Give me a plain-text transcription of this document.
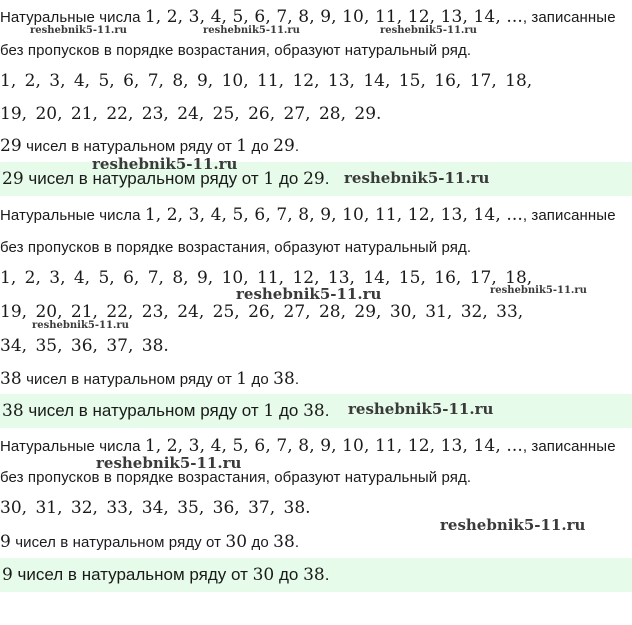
Натуральные числа 1, 2, 3, 4, 5, 6, 7, 8, 9, 10, 11, 12, 13, 14, ..., записанные
без пропусков в порядке возрастания, образуют натуральный ряд.
1, 2, 3, 4, 5, 6, 7, 8, 9, 10, 11, 12, 13, 14, 15, 16, 17, 18,
19, 20, 21, 22, 23, 24, 25, 26, 27, 28, 29.
29 чисел в натуральном ряду от 1 до 29.
29 чисел в натуральном ряду от 1 до 29.
Натуральные числа 1, 2, 3, 4, 5, 6, 7, 8, 9, 10, 11, 12, 13, 14, ..., записанные
без пропусков в порядке возрастания, образуют натуральный ряд.
1, 2, 3, 4, 5, 6, 7, 8, 9, 10, 11, 12, 13, 14, 15, 16, 17, 18,
19, 20, 21, 22, 23, 24, 25, 26, 27, 28, 29, 30, 31, 32, 33,
34, 35, 36, 37, 38.
38 чисел в натуральном ряду от 1 до 38.
38 чисел в натуральном ряду от 1 до 38.
Натуральные числа 1, 2, 3, 4, 5, 6, 7, 8, 9, 10, 11, 12, 13, 14, ..., записанные
без пропусков в порядке возрастания, образуют натуральный ряд.
30, 31, 32, 33, 34, 35, 36, 37, 38.
9 чисел в натуральном ряду от 30 до 38.
9 чисел в натуральном ряду от 30 до 38.
reshebnik5-11.ru	reshebnik5-11.ru	reshebnik5-11.ru
reshebnik5-11.ru
reshebnik5-11.ru
reshebnik5-11.ru	reshebnik5-11.ru
reshebnik5-11.ru
reshebnik5-11.ru
reshebnik5-11.ru
reshebnik5-11.ru
